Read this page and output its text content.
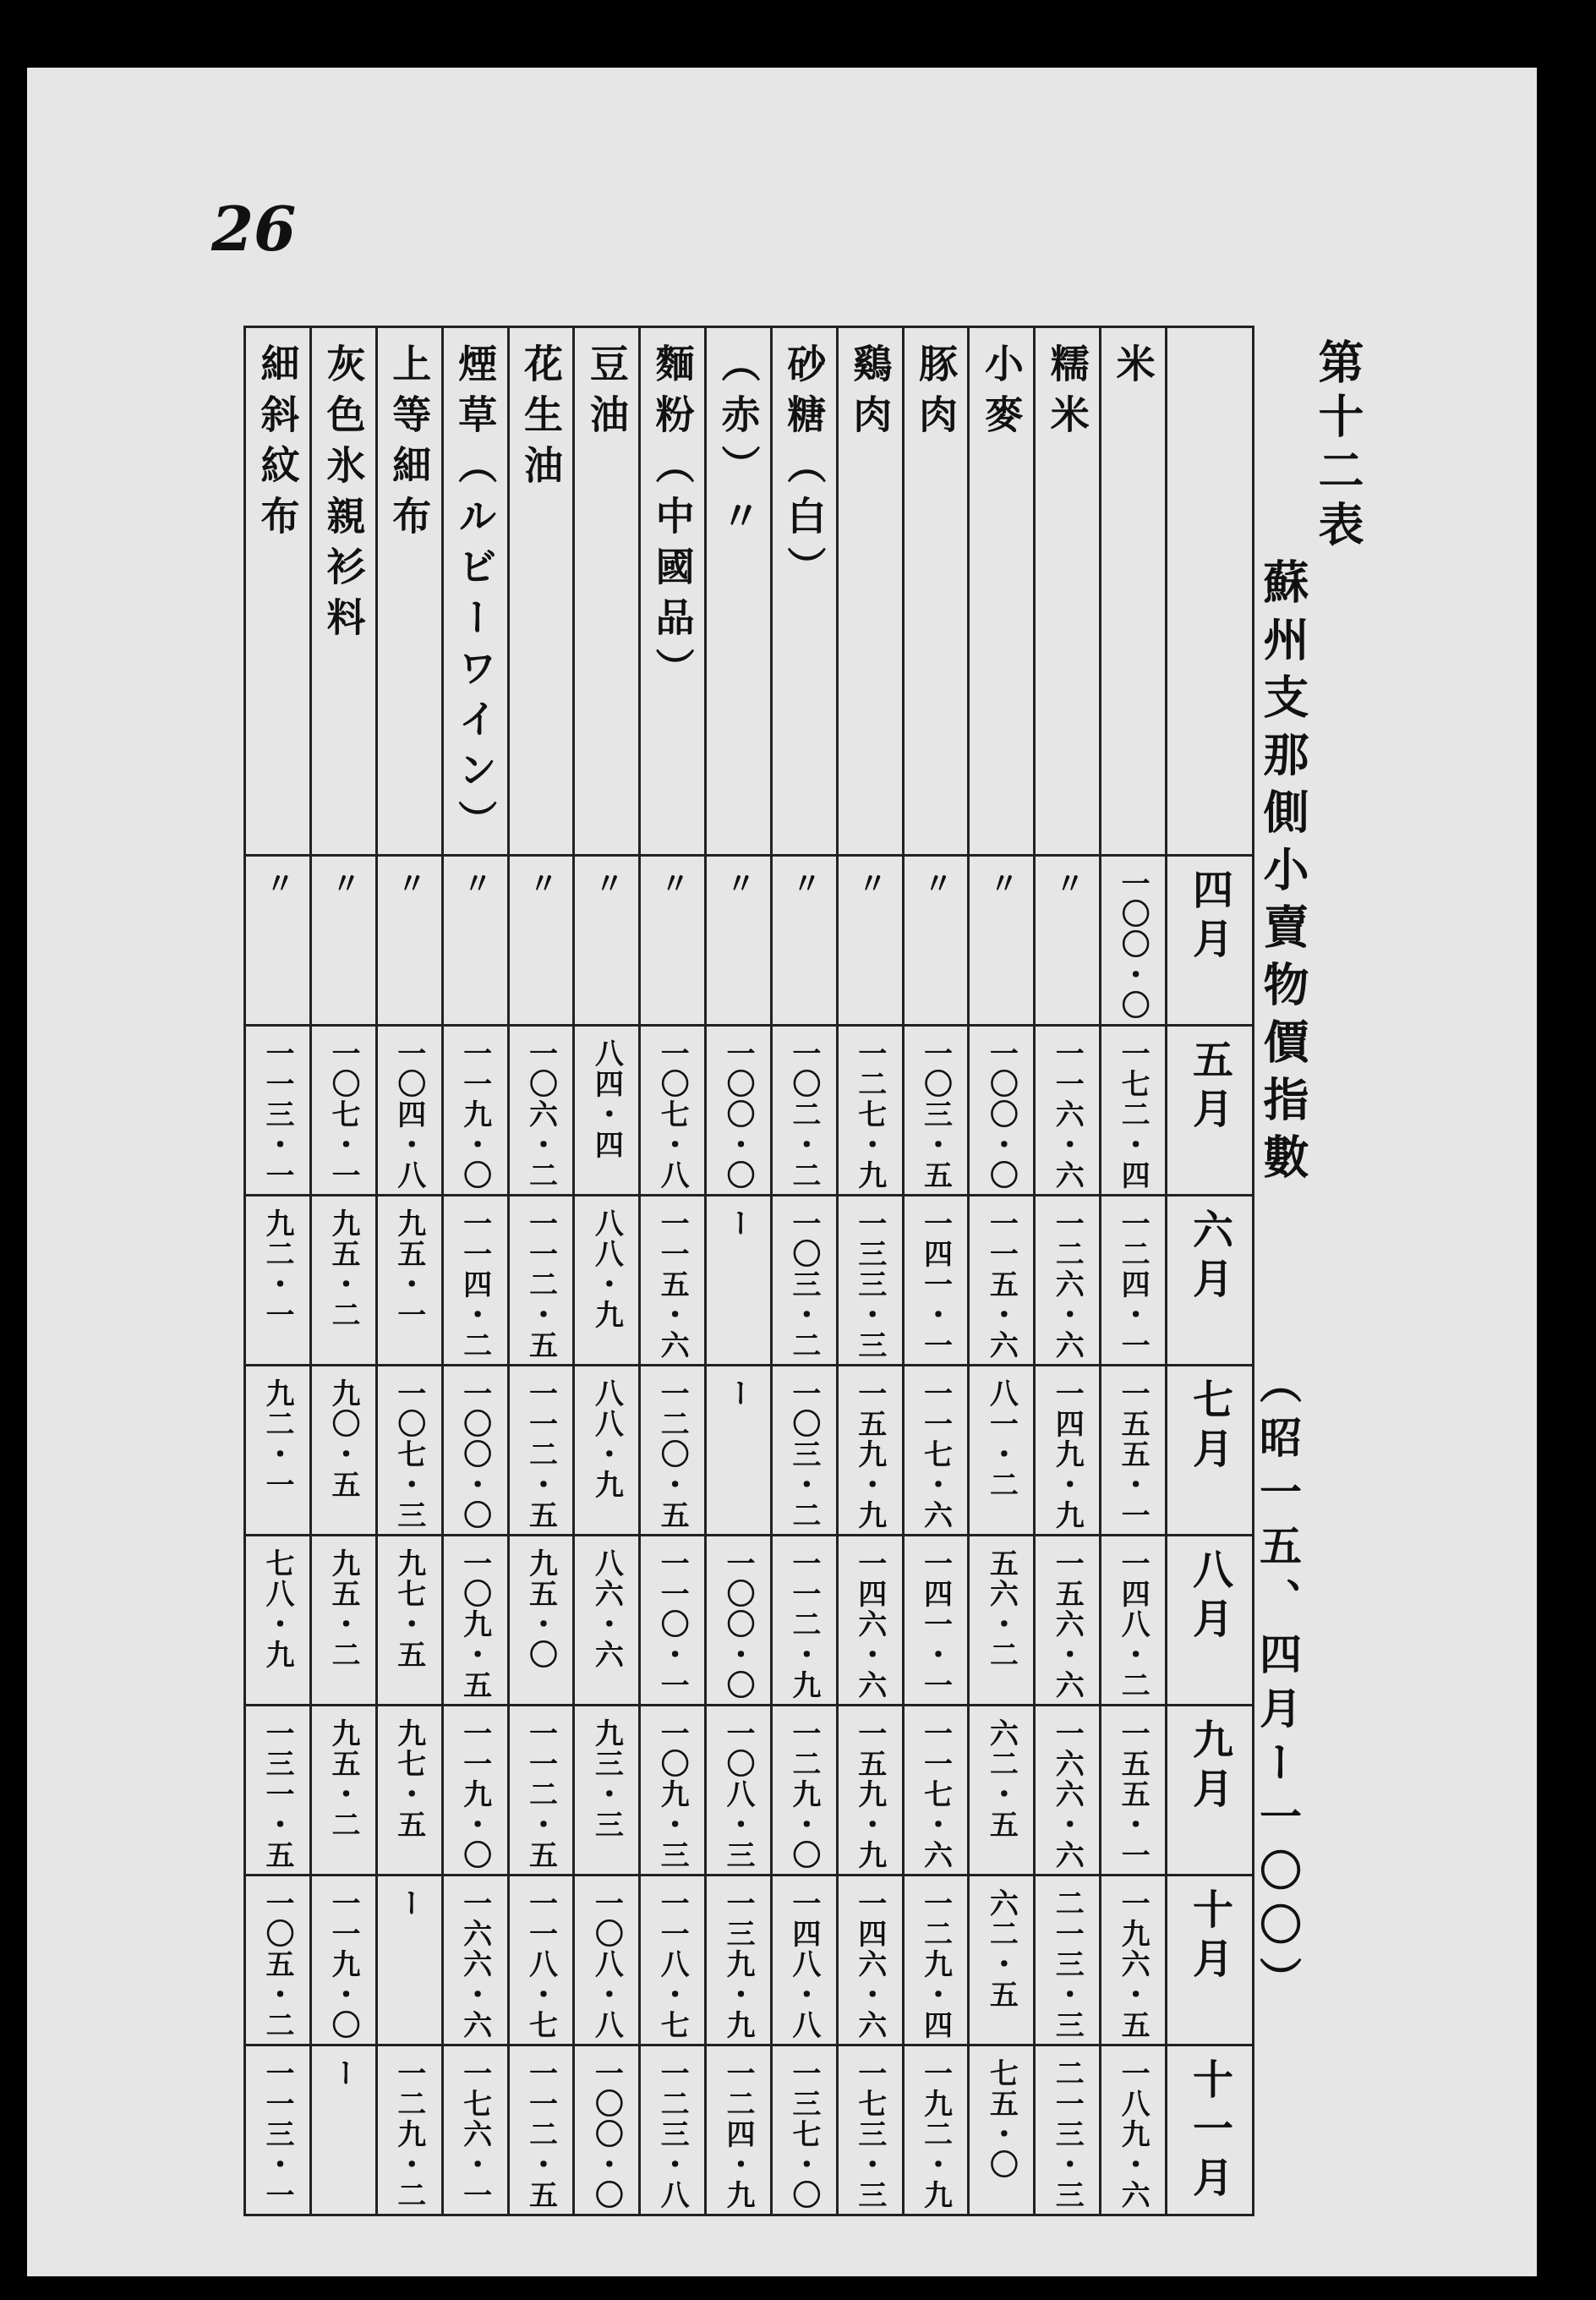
26
第十二表
蘇州支那側小賣物價指數
（昭一五、四月ー一〇〇）
	米	糯米	小麥	豚肉	鷄肉	砂糖（白）	〃（赤）	麵粉（中國品）	豆油	花生油	煙草（ルビーワイン）	上等細布	灰色氷親衫料	細斜紋布
四月	一〇〇・〇	〃	〃	〃	〃	〃	〃	〃	〃	〃	〃	〃	〃	〃
五月	一七二・四	一一六・六	一〇〇・〇	一〇三・五	一二七・九	一〇二・二	一〇〇・〇	一〇七・八	八四・四	一〇六・二	一一九・〇	一〇四・八	一〇七・一	一一三・一
六月	一二四・一	一二六・六	一一五・六	一四一・一	一三三・三	一〇三・二	ー	一一五・六	八八・九	一一二・五	一一四・二	九五・一	九五・二	九二・一
七月	一五五・一	一四九・九	八一・二	一一七・六	一五九・九	一〇三・二	ー	一二〇・五	八八・九	一一二・五	一〇〇・〇	一〇七・三	九〇・五	九二・一
八月	一四八・二	一五六・六	五六・二	一四一・一	一四六・六	一一二・九	一〇〇・〇	一一〇・一	八六・六	九五・〇	一〇九・五	九七・五	九五・二	七八・九
九月	一五五・一	一六六・六	六二・五	一一七・六	一五九・九	一二九・〇	一〇八・三	一〇九・三	九三・三	一一二・五	一一九・〇	九七・五	九五・二	一三一・五
十月	一九六・五	二一三・三	六二・五	一二九・四	一四六・六	一四八・八	一三九・九	一一八・七	一〇八・八	一一八・七	一六六・六	ー	一一九・〇	一〇五・二
十一月	一八九・六	二一三・三	七五・〇	一九二・九	一七三・三	一三七・〇	一二四・九	一二三・八	一〇〇・〇	一一二・五	一七六・一	一二九・二	ー	一一三・一
